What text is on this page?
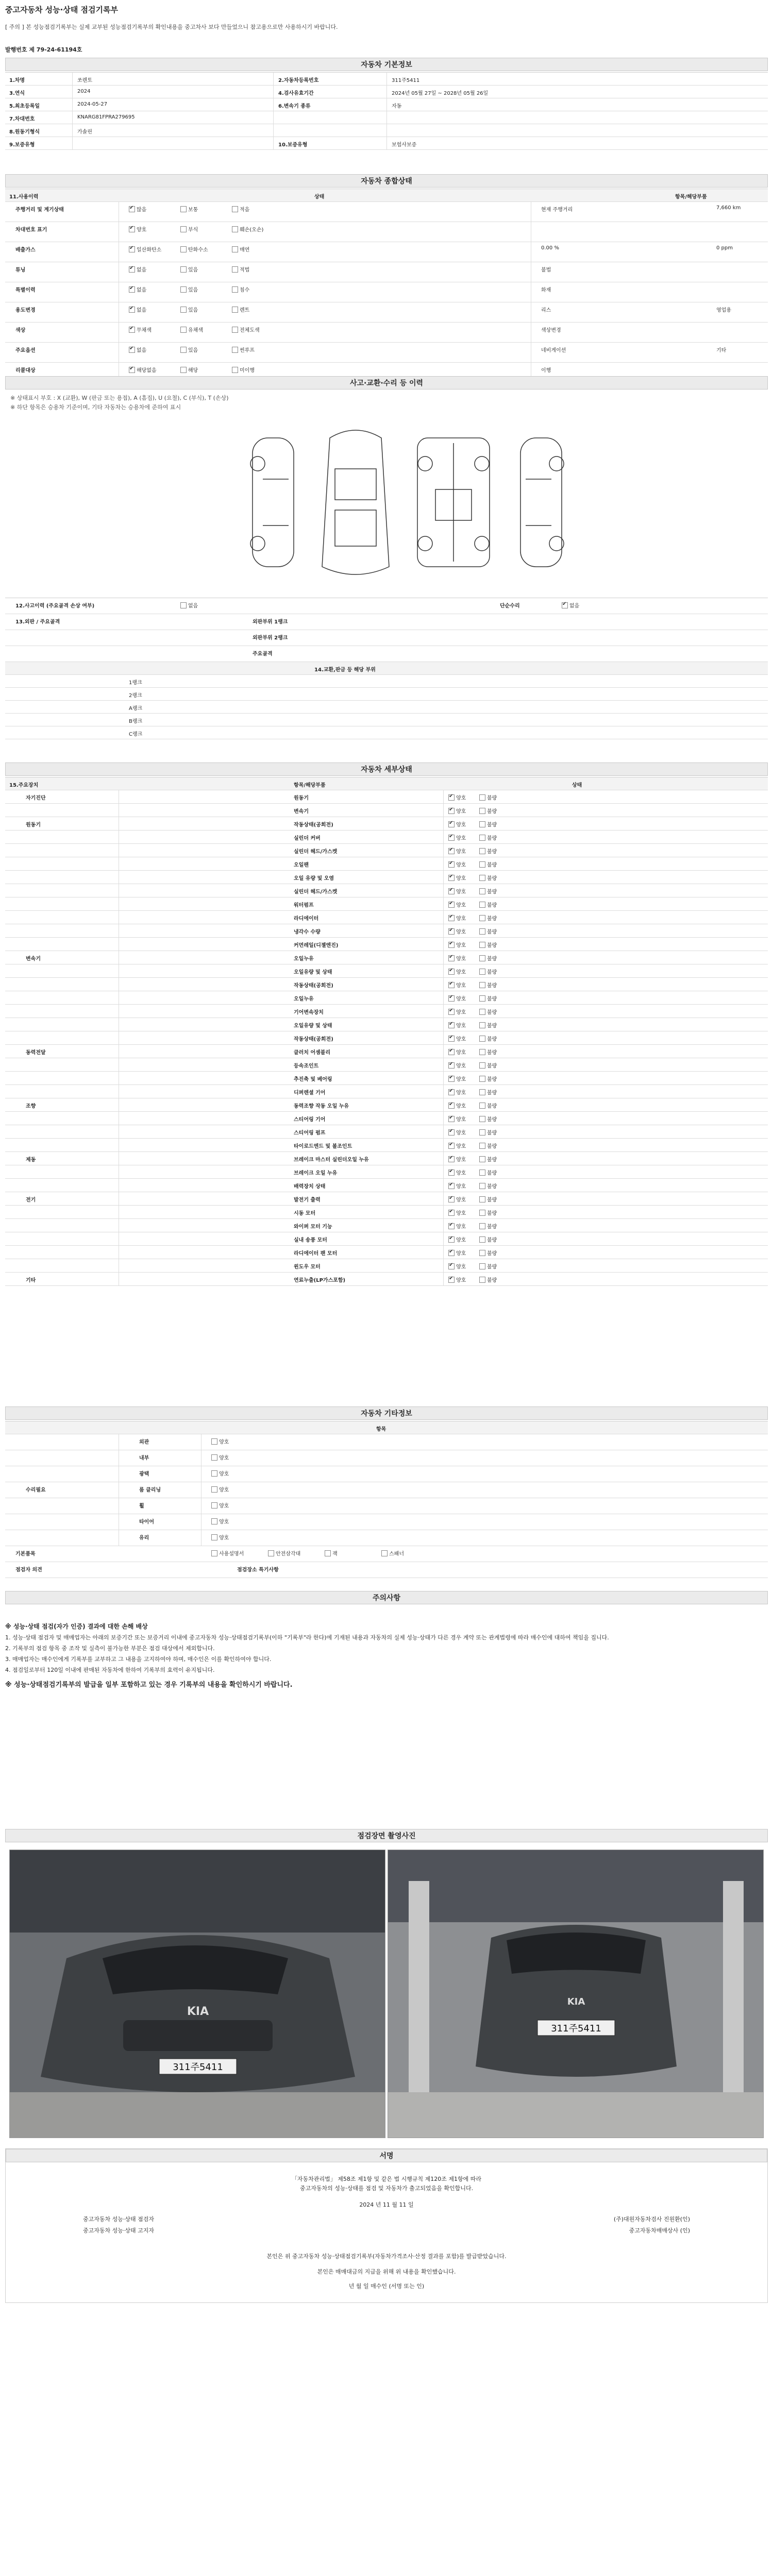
중고자동차 성능·상태 점검기록부
[ 주의 ] 본 성능점검기록부는 실제 교부된 성능점검기록부의 확인내용을 중고차사 보다 만들었으니 참고용으로만 사용하시기 바랍니다.
발행번호 제 79-24-61194호
자동차 기본정보
1.차명	쏘렌토	2.자동차등록번호	311주5411
3.연식	2024	4.검사유효기간	2024년 05월 27일 ~ 2028년 05월 26일
5.최초등록일	2024-05-27	6.변속기 종류	자동
7.차대번호	KNARG81FPRA279695
8.원동기형식	가솔린
9.보증유형	10.보증유형	보험사보증
자동차 종합상태
11.사용이력	상태	항목/해당부품
주행거리 및 계기상태 ✔	많음	보통	적음	현재 주행거리	7,660 km
차대번호 표기 ✔	양호	부식	훼손(오손)
배출가스 ✔	일산화탄소	탄화수소	매연	0.00 %	0 ppm
튜닝 ✔	없음	있음	적법	불법
특별이력 ✔	없음	있음	침수	화재
용도변경 ✔	없음	있음	렌트	리스	영업용
색상 ✔	무채색	유채색	전체도색	색상변경
주요옵션 ✔	없음	있음	썬루프	네비게이션	기타
리콜대상 ✔	해당없음	해당	미이행	이행
사고·교환·수리 등 이력
※ 상태표시 부호 : X (교환), W (판금 또는 용접), A (흠집), U (요철), C (부식), T (손상)
※ 하단 항목은 승용차 기준이며, 기타 자동차는 승용차에 준하여 표시
12.사고이력 (주요골격 손상 여부)	없음	단순수리 ✔	없음
13.외판 / 주요골격	외판부위 1랭크
외판부위 2랭크
주요골격
14.교환,판금 등 해당 부위
1랭크
2랭크
A랭크
B랭크
C랭크
자동차 세부상태
15.주요장치	항목/해당부품	상태
자기진단	원동기 ✔	양호	불량
변속기 ✔	양호	불량
원동기	작동상태(공회전) ✔	양호	불량
실린더 커버 ✔	양호	불량
실린더 헤드/가스켓 ✔	양호	불량
오일팬 ✔	양호	불량
오일 유량 및 오염 ✔	양호	불량
실린더 헤드/가스켓 ✔	양호	불량
워터펌프 ✔	양호	불량
라디에이터 ✔	양호	불량
냉각수 수량 ✔	양호	불량
커먼레일(디젤엔진) ✔	양호	불량
변속기	오일누유 ✔	양호	불량
오일유량 및 상태 ✔	양호	불량
작동상태(공회전) ✔	양호	불량
오일누유 ✔	양호	불량
기어변속장치 ✔	양호	불량
오일유량 및 상태 ✔	양호	불량
작동상태(공회전) ✔	양호	불량
동력전달	클러치 어셈블리 ✔	양호	불량
등속조인트 ✔	양호	불량
추진축 및 베어링 ✔	양호	불량
디퍼렌셜 기어 ✔	양호	불량
조향	동력조향 작동 오일 누유 ✔	양호	불량
스티어링 기어 ✔	양호	불량
스티어링 펌프 ✔	양호	불량
타이로드엔드 및 볼조인트 ✔	양호	불량
제동	브레이크 마스터 실린더오일 누유 ✔	양호	불량
브레이크 오일 누유 ✔	양호	불량
배력장치 상태 ✔	양호	불량
전기	발전기 출력 ✔	양호	불량
시동 모터 ✔	양호	불량
와이퍼 모터 기능 ✔	양호	불량
실내 송풍 모터 ✔	양호	불량
라디에이터 팬 모터 ✔	양호	불량
윈도우 모터 ✔	양호	불량
기타	연료누출(LP가스포함) ✔	양호	불량
자동차 기타정보
항목
외관	양호
내부	양호
광택	양호
수리필요	룸 클리닝	양호
휠	양호
타이어	양호
유리	양호
기본품목	사용설명서	안전삼각대	잭	스패너
점검자 의견	점검장소 특기사항
주의사항

※ 성능·상태 점검(자가 인증) 결과에 대한 손해 배상

1. 성능·상태 점검자 및 매매업자는 아래의 보증기간 또는 보증거리 이내에 중고자동차 성능·상태점검기록부(이하 "기록부"라 한다)에 기재된 내용과 자동차의 실제 성능·상태가 다른 경우 계약 또는 관계법령에 따라 매수인에 대하여 책임을 집니다.

2. 기록부의 점검 항목 중 조작 및 실측이 불가능한 부분은 점검 대상에서 제외합니다.

3. 매매업자는 매수인에게 기록부를 교부하고 그 내용을 고지하여야 하며, 매수인은 이를 확인하여야 합니다.

4. 점검일로부터 120일 이내에 판매된 자동차에 한하여 기록부의 효력이 유지됩니다.

※ 성능·상태점검기록부의 발급을 일부 포함하고 있는 경우 기록부의 내용을 확인하시기 바랍니다.

점검장면 촬영사진
311주5411
KIA
311주5411
KIA
서명
「자동차관리법」 제58조 제1항 및 같은 법 시행규칙 제120조 제1항에 따라
중고자동차의 성능·상태를 점검 및 자동차가 출고되었음을 확인합니다.
2024 년 11 월 11 일
중고자동차 성능·상태 점검자	(주)대원자동차검사 진원환(인)
중고자동차 성능·상태 고지자	중고자동차매매상사 (인)
본인은 위 중고자동차 성능·상태점검기록부(자동차가격조사·산정 결과를 포함)를 발급받았습니다.
본인은 매매대금의 지급을 위해 위 내용을 확인했습니다.
년 월 일 매수인 (서명 또는 인)
